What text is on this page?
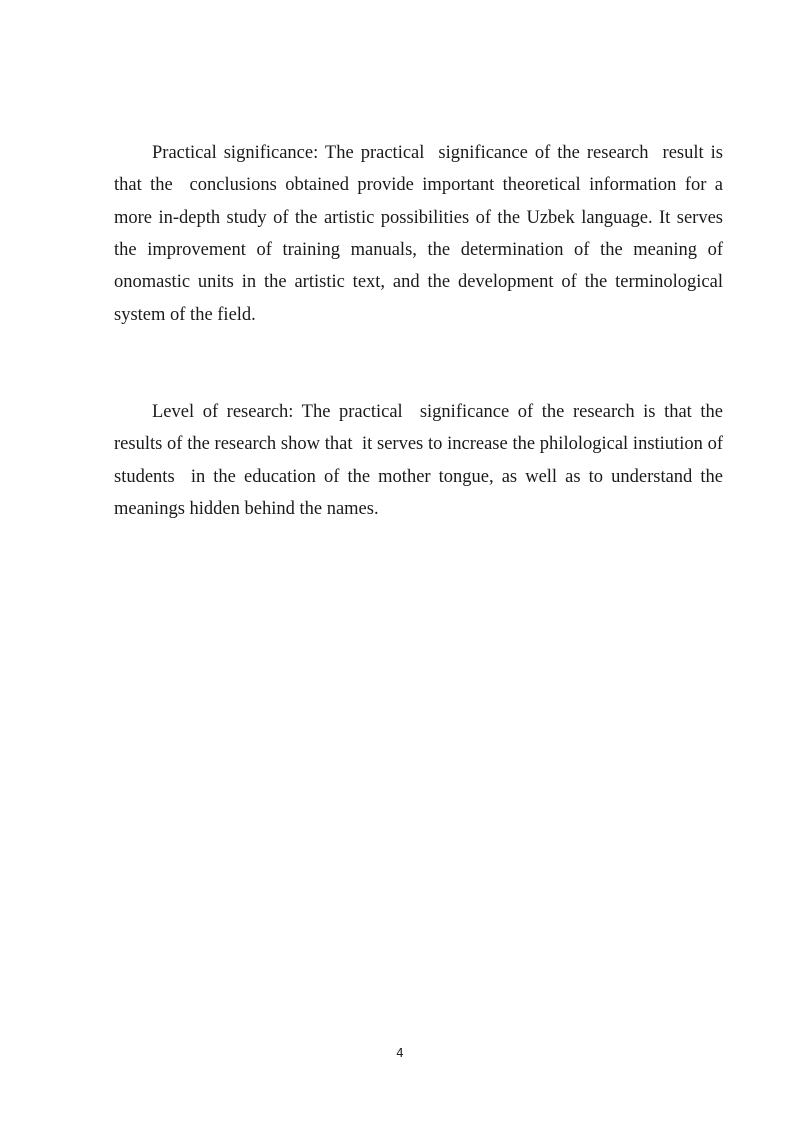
Practical significance: The practical  significance of the research  result is that the  conclusions obtained provide important theoretical information for a more in-depth study of the artistic possibilities of the Uzbek language. It serves the improvement of training manuals, the determination of the meaning of onomastic units in the artistic text, and the development of the terminological system of the field.

Level of research: The practical  significance of the research is that the results of the research show that  it serves to increase the philological instiution of students  in the education of the mother tongue, as well as to understand the meanings hidden behind the names.

4
